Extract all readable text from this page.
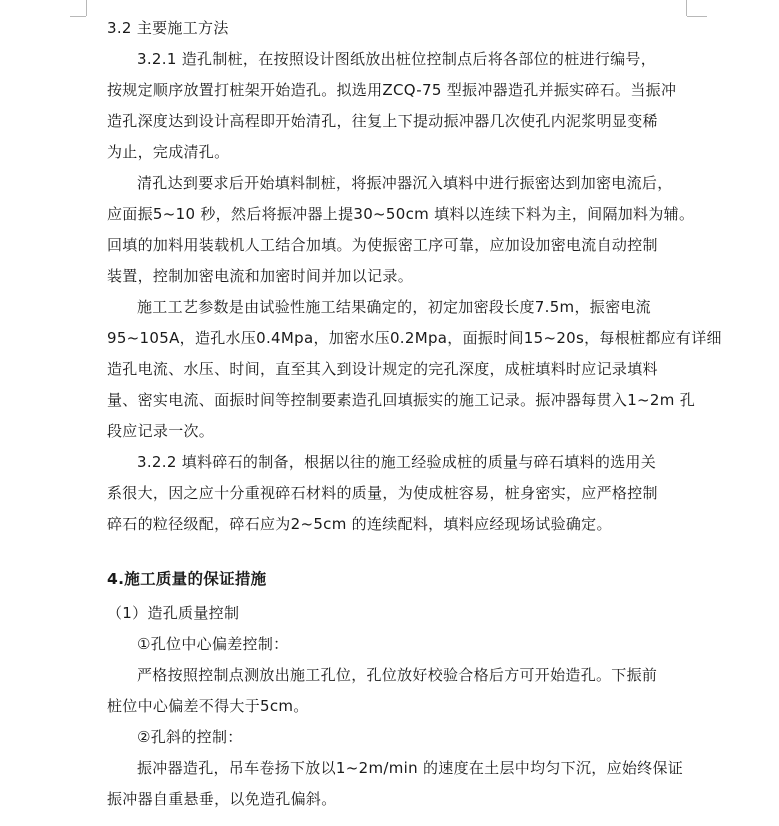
3.2 主要施工方法
3.2.1 造孔制桩，在按照设计图纸放出桩位控制点后将各部位的桩进行编号，
按规定顺序放置打桩架开始造孔。拟选用ZCQ-75 型振冲器造孔并振实碎石。当振冲
造孔深度达到设计高程即开始清孔，往复上下提动振冲器几次使孔内泥浆明显变稀
为止，完成清孔。
清孔达到要求后开始填料制桩，将振冲器沉入填料中进行振密达到加密电流后，
应面振5~10 秒，然后将振冲器上提30~50cm 填料以连续下料为主，间隔加料为辅。
回填的加料用装载机人工结合加填。为使振密工序可靠，应加设加密电流自动控制
装置，控制加密电流和加密时间并加以记录。
施工工艺参数是由试验性施工结果确定的，初定加密段长度7.5m，振密电流
95~105A，造孔水压0.4Mpa，加密水压0.2Mpa，面振时间15~20s，每根桩都应有详细
造孔电流、水压、时间，直至其入到设计规定的完孔深度，成桩填料时应记录填料
量、密实电流、面振时间等控制要素造孔回填振实的施工记录。振冲器每贯入1~2m 孔
段应记录一次。
3.2.2 填料碎石的制备，根据以往的施工经验成桩的质量与碎石填料的选用关
系很大，因之应十分重视碎石材料的质量，为使成桩容易，桩身密实，应严格控制
碎石的粒径级配，碎石应为2~5cm 的连续配料，填料应经现场试验确定。
4.施工质量的保证措施
（1）造孔质量控制
①孔位中心偏差控制：
严格按照控制点测放出施工孔位，孔位放好校验合格后方可开始造孔。下振前
桩位中心偏差不得大于5cm。
②孔斜的控制：
振冲器造孔，吊车卷扬下放以1~2m/min 的速度在土层中均匀下沉，应始终保证
振冲器自重悬垂，以免造孔偏斜。
